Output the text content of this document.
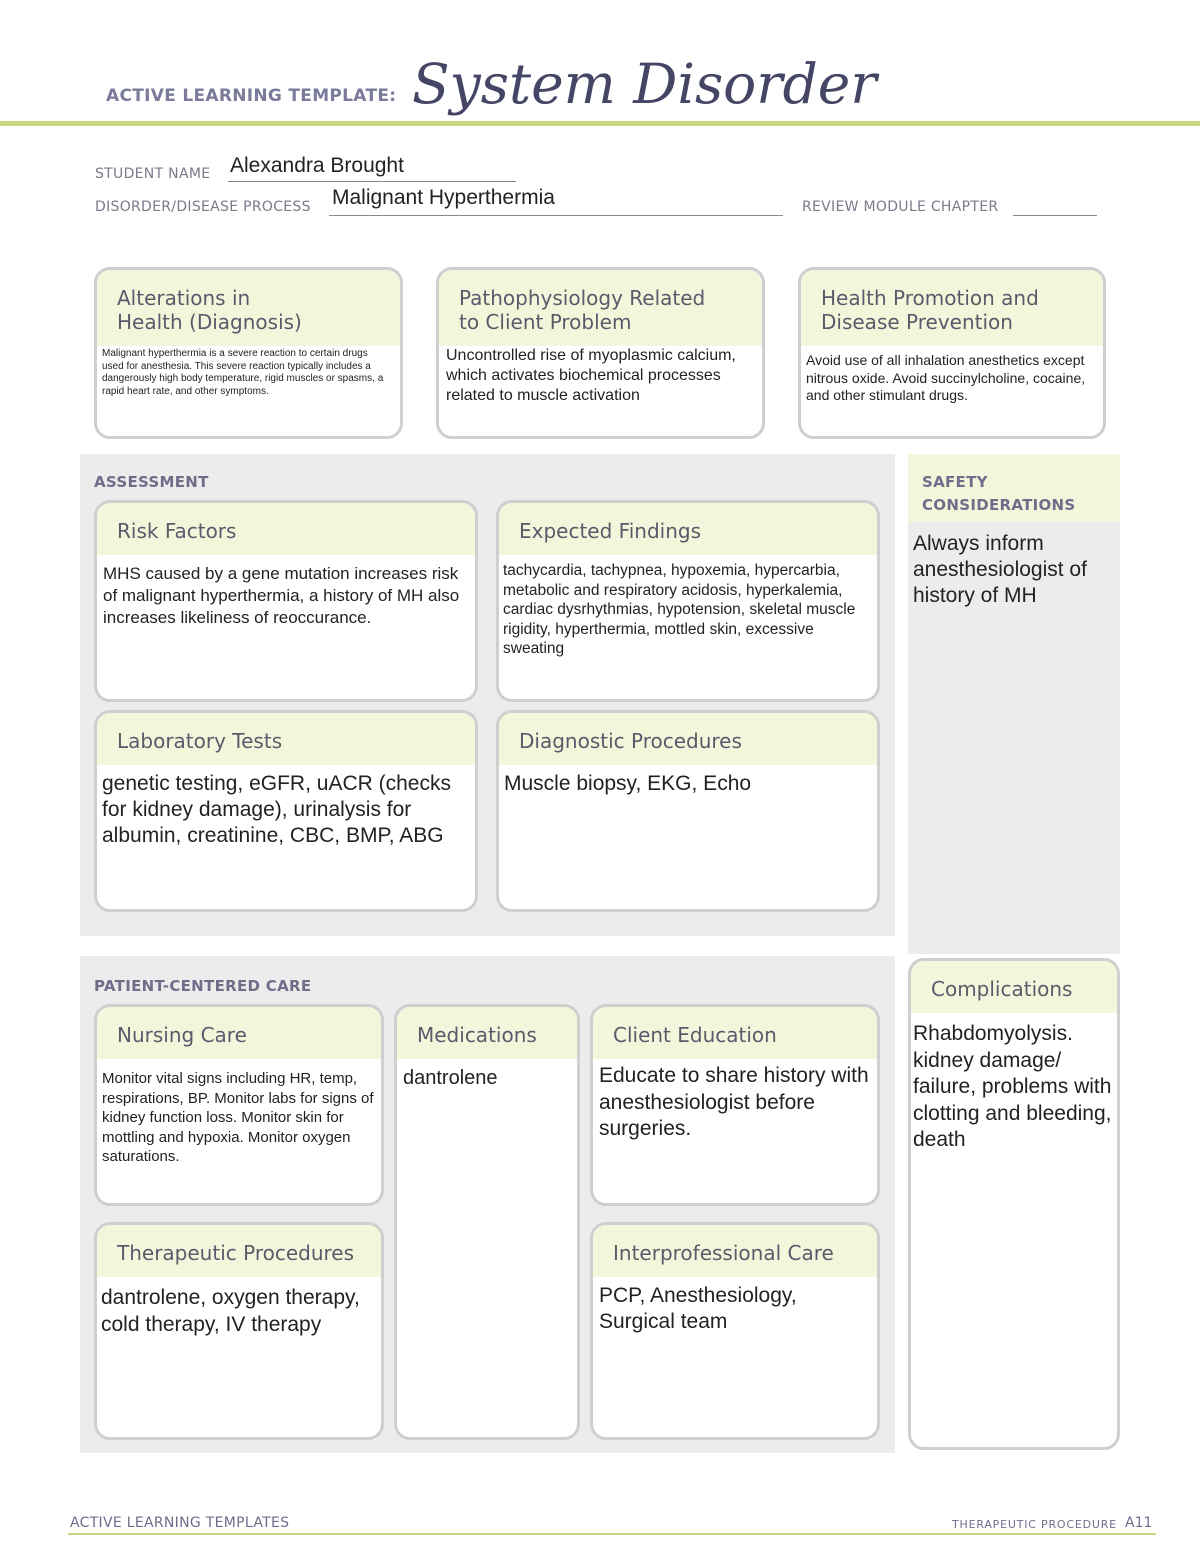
ACTIVE LEARNING TEMPLATE: System Disorder
STUDENT NAME Alexandra Brought
DISORDER/DISEASE PROCESS Malignant Hyperthermia	REVIEW MODULE CHAPTER
Alterations in
Health (Diagnosis)
Malignant hyperthermia is a severe reaction to certain drugs used for anesthesia. This severe reaction typically includes a dangerously high body temperature, rigid muscles or spasms, a rapid heart rate, and other symptoms.
Pathophysiology Related
to Client Problem
Uncontrolled rise of myoplasmic calcium, which activates biochemical processes related to muscle activation
Health Promotion and
Disease Prevention
Avoid use of all inhalation anesthetics except nitrous oxide. Avoid succinylcholine, cocaine, and other stimulant drugs.
ASSESSMENT
Risk Factors
MHS caused by a gene mutation increases risk of malignant hyperthermia, a history of MH also increases likeliness of reoccurance.
Expected Findings
tachycardia, tachypnea, hypoxemia, hypercarbia, metabolic and respiratory acidosis, hyperkalemia, cardiac dysrhythmias, hypotension, skeletal muscle rigidity, hyperthermia, mottled skin, excessive sweating
Laboratory Tests
genetic testing, eGFR, uACR (checks for kidney damage), urinalysis for albumin, creatinine, CBC, BMP, ABG
Diagnostic Procedures
Muscle biopsy, EKG, Echo
SAFETY
CONSIDERATIONS
Always inform anesthesiologist of history of MH
PATIENT-CENTERED CARE
Nursing Care
Monitor vital signs including HR, temp, respirations, BP. Monitor labs for signs of kidney function loss. Monitor skin for mottling and hypoxia. Monitor oxygen saturations.
Medications
dantrolene
Client Education
Educate to share history with anesthesiologist before surgeries.
Therapeutic Procedures
dantrolene, oxygen therapy, cold therapy, IV therapy
Interprofessional Care
PCP, Anesthesiology, Surgical team
Complications
Rhabdomyolysis. kidney damage/ failure, problems with clotting and bleeding, death
ACTIVE LEARNING TEMPLATES	THERAPEUTIC PROCEDURE A11
